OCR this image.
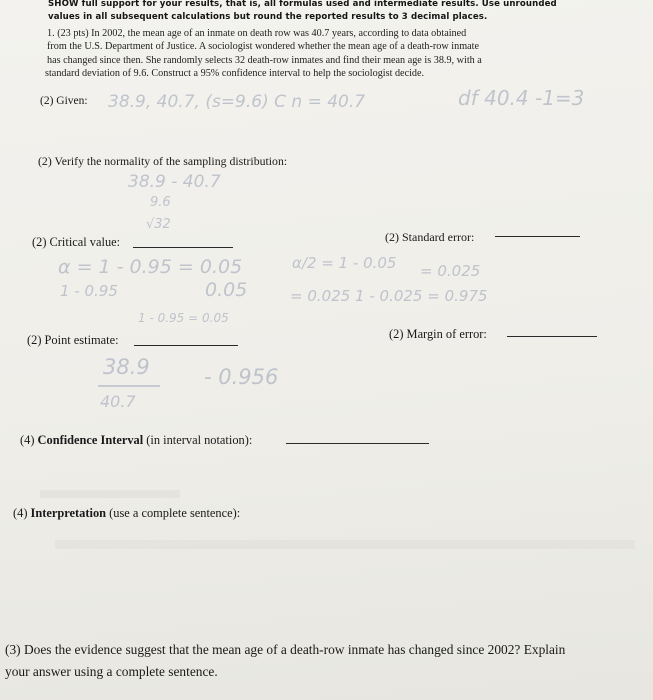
SHOW full support for your results, that is, all formulas used and intermediate results. Use unrounded
values in all subsequent calculations but round the reported results to 3 decimal places.
1. (23 pts) In 2002, the mean age of an inmate on death row was 40.7 years, according to data obtained
from the U.S. Department of Justice. A sociologist wondered whether the mean age of a death-row inmate
has changed since then. She randomly selects 32 death-row inmates and find their mean age is 38.9, with a
standard deviation of 9.6. Construct a 95% confidence interval to help the sociologist decide.
(2) Given: 38.9, 40.7, (s=9.6) C n = 40.7	df 40.4 -1=3
(2) Verify the normality of the sampling distribution:
38.9 - 40.7
9.6
√32
(2) Critical value:	(2) Standard error:
α = 1 - 0.95 = 0.05	α/2 = 1 - 0.05 = 0.025
1 - 0.95	0.05
1 - 0.95 = 0.05
= 0.025 1 - 0.025 = 0.975
(2) Point estimate:	(2) Margin of error:
38.9
40.7
- 0.956
(4) Confidence Interval (in interval notation):
(4) Interpretation (use a complete sentence):
(3) Does the evidence suggest that the mean age of a death-row inmate has changed since 2002? Explain
your answer using a complete sentence.
